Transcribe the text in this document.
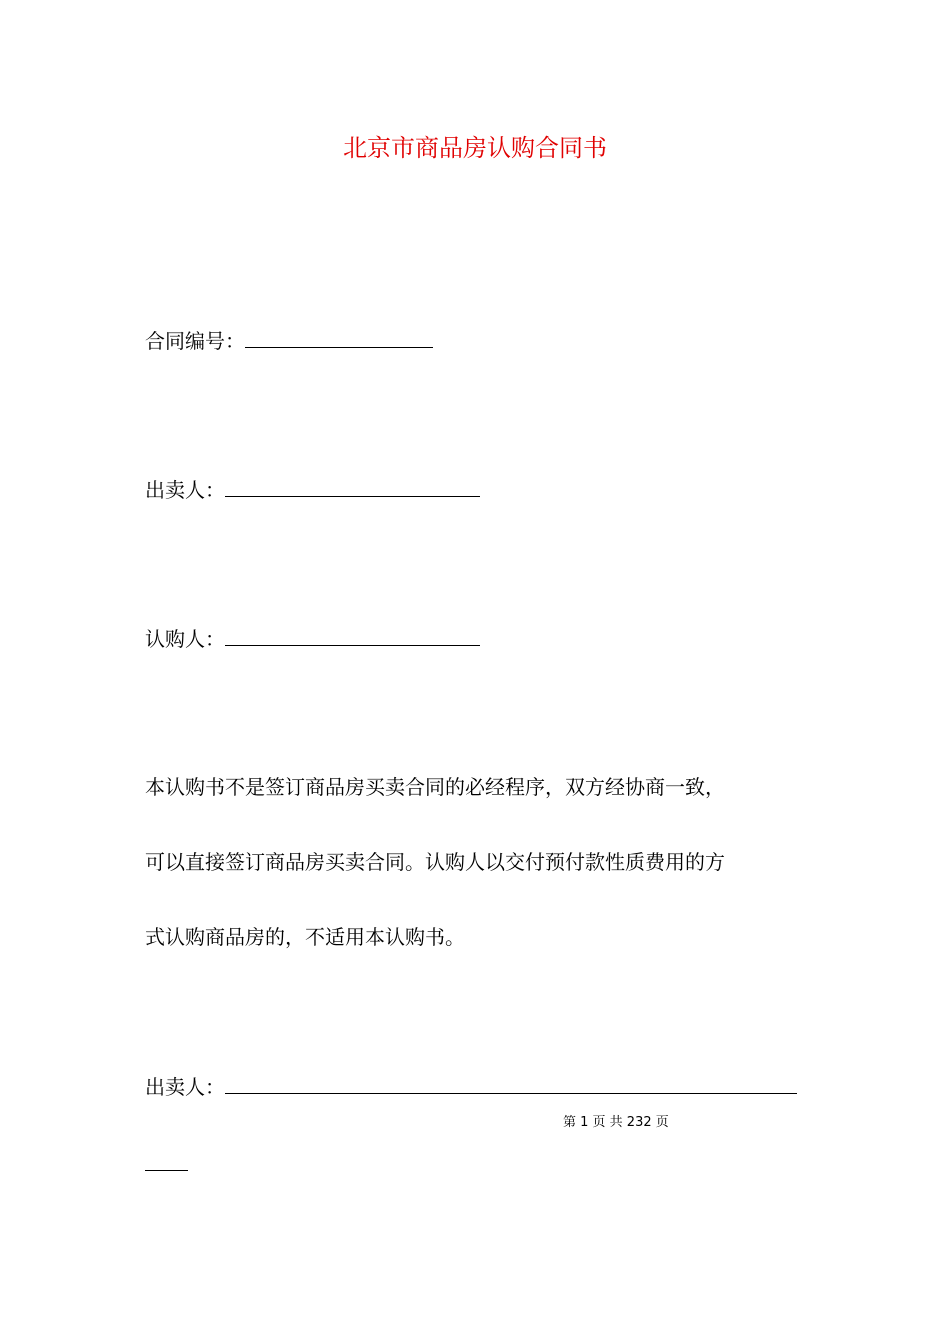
北京市商品房认购合同书
合同编号：
出卖人：
认购人：
本认购书不是签订商品房买卖合同的必经程序，双方经协商一致，
可以直接签订商品房买卖合同。认购人以交付预付款性质费用的方
式认购商品房的，不适用本认购书。
出卖人：
第 1 页 共 232 页
